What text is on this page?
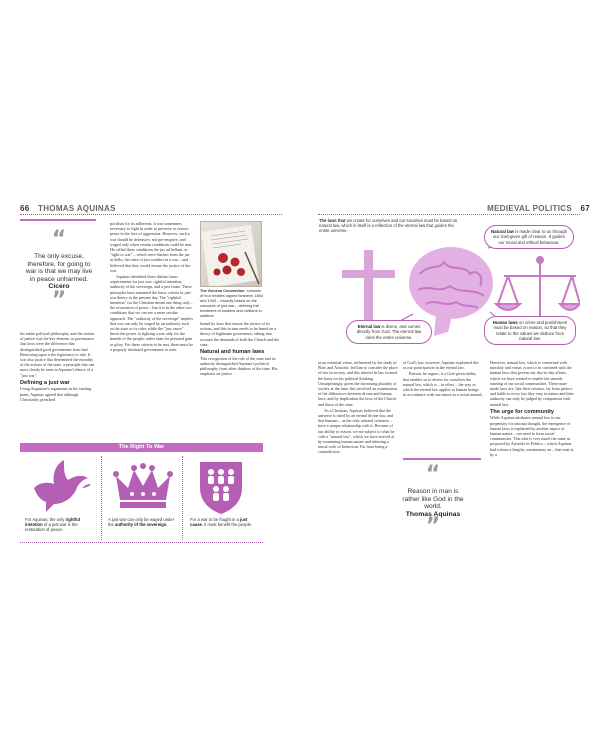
66 THOMAS AQUINAS
“
The only excuse, therefore, for going to war is that we may live in peace unharmed.
Cicero
”

his entire political philosophy, and the notion of justice was the key element in governance. Just laws were the difference that distinguished good government from bad. Bestowing upon it the legitimacy to rule. It was also justice that determined the morality of the actions of the state, a principle that can most clearly be seen in Aquinas's theory of a "just war".

Defining a just war

Using Augustine's arguments as his starting point, Aquinas agreed that although Christianity preached

pacifism for its adherents, it was sometimes necessary to fight in order to preserve or restore peace in the face of aggression. However, such a war should be defensive, not pre-emptive, and waged only when certain conditions could be met. He called these conditions the jus ad bellum, or "right to war" – which were distinct from the jus in bello, the rules of just conduct in a war – and believed that they would ensure the justice of the war.

Aquinas identified three distinct basic requirements for just war: rightful intention, authority of the sovereign, and a just cause. These principles have remained the basic criteria in just-war theory to the present day. The "rightful intention" for the Christian meant one thing only – the restoration of peace – but it is in the other two conditions that we can see a more secular approach. The "authority of the sovereign" implies that war can only be waged by an authority such as the state or its ruler, while the "just cause" limits the power to fighting a war only for the benefit of the people, rather than for personal gain or glory. For these criteria to be met, there must be a properly instituted government or ruler

The Geneva Convention, consists of four treaties signed between 1864 and 1949 – broadly based on the concepts of just war – defining the treatment of soldiers and civilians in wartime.

bound by laws that ensure the justice of its actions, and this in turn needs to be based on a theory of legitimate governance, taking into account the demands of both the Church and the state.

Natural and human laws

This recognition of the role of the state and its authority distinguished Aquinas's political philosophy from other thinkers of the time. His emphasis on justice

The Right To War
For Aquinas, the only rightful intention of a just war is the restoration of peace.
A just war can only be waged under the authority of the sovereign.
For a war to be fought in a just cause, it must benefit the people.
MEDIEVAL POLITICS 67
The laws that we create for ourselves and our societies must be based on natural law, which in itself is a reflection of the eternal law that guides the entire universe.	Natural law is made clear to us through our God-given gift of reason. It guides our moral and ethical behaviour.
Eternal law is divine, and comes directly from God. The eternal law rules the entire universe.
Human laws on crime and punishment must be based on reason, so that they relate to the values we deduce from natural law.

as an essential virtue, influenced by his study of Plato and Aristotle, led him to consider the place of law in society, and this interest in law formed the basis for his political thinking. Unsurprisingly, given the increasing plurality of society at the time, this involved an examination of the differences between divine and human laws, and by implication the laws of the Church and those of the state.

As a Christian, Aquinas believed that the universe is ruled by an eternal divine law, and that humans – as the only rational creatures – have a unique relationship with it. Because of our ability to reason, we are subject to what he calls a "natural law", which we have arrived at by examining human nature and inferring a moral code of behaviour. Far from being a contradiction

of God's law, however, Aquinas explained this as our participation in the eternal law.

Reason, he argues, is a God-given ability that enables us to devise for ourselves the natural law, which is – in effect – the way in which the eternal law applies to human beings in accordance with our nature as a social animal.

“
Reason in man is rather like God in the world.
Thomas Aquinas
”

However, natural law, which is concerned with morality and virtue, is not to be confused with the human laws that govern our day-to-day affairs, which we have created to enable the smooth running of our social communities. These man-made laws are, like their creators, far from perfect and liable to error; but they vary in nature and their authority can only be judged by comparison with natural law.

The urge for community

While Aquinas attributes natural law to our propensity for rational thought, the emergence of human laws is explained by another aspect of human nature – our need to form social communities. This idea is very much the same as proposed by Aristotle in Politics – which Aquinas had written a lengthy commentary on – that man is by a
